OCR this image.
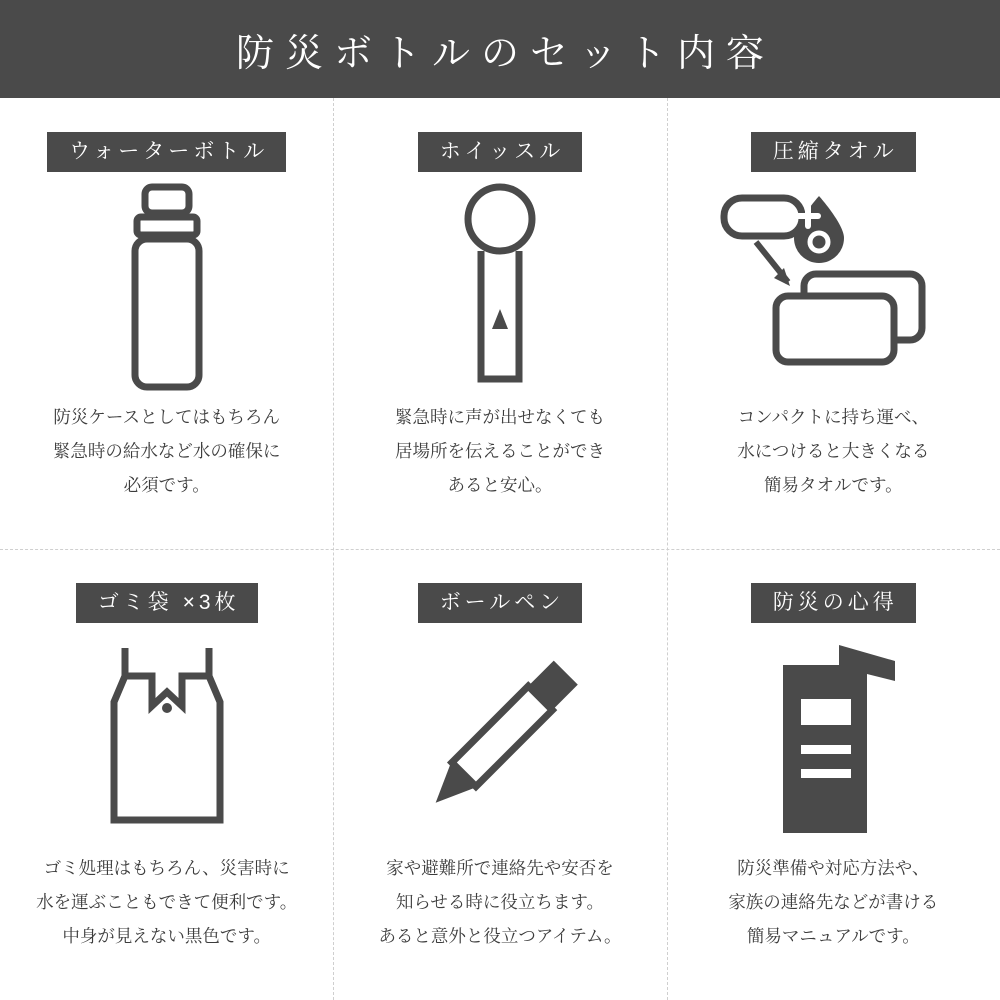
防災ボトルのセット内容
ウォーターボトル
防災ケースとしてはもちろん
緊急時の給水など水の確保に
必須です。
ホイッスル
緊急時に声が出せなくても
居場所を伝えることができ
あると安心。
圧縮タオル
コンパクトに持ち運べ、
水につけると大きくなる
簡易タオルです。
ゴミ袋 ×3枚
ゴミ処理はもちろん、災害時に
水を運ぶこともできて便利です。
中身が見えない黒色です。
ボールペン
家や避難所で連絡先や安否を
知らせる時に役立ちます。
あると意外と役立つアイテム。
防災の心得
防災準備や対応方法や、
家族の連絡先などが書ける
簡易マニュアルです。
